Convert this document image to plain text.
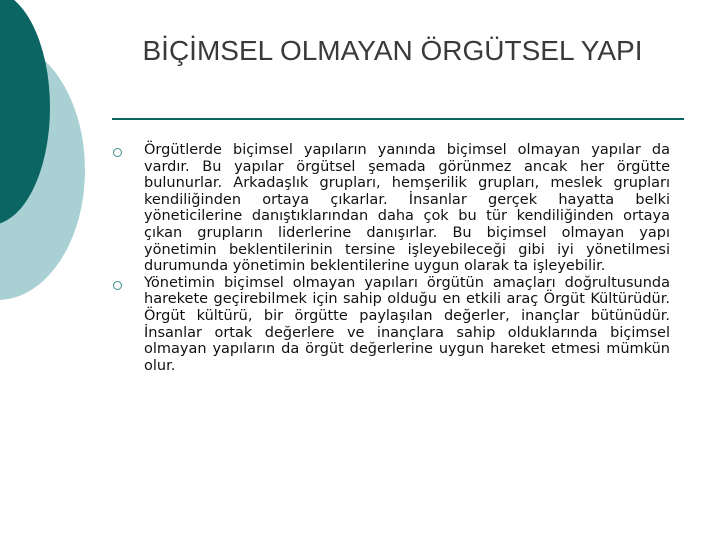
BİÇİMSEL OLMAYAN ÖRGÜTSEL YAPI
Örgütlerde biçimsel yapıların yanında biçimsel olmayan yapılar da vardır. Bu yapılar örgütsel şemada görünmez ancak her örgütte bulunurlar. Arkadaşlık grupları, hemşerilik grupları, meslek grupları kendiliğinden ortaya çıkarlar. İnsanlar gerçek hayatta belki yöneticilerine danıştıklarından daha çok bu tür kendiliğinden ortaya çıkan grupların liderlerine danışırlar. Bu biçimsel olmayan yapı yönetimin beklentilerinin tersine işleyebileceği gibi iyi yönetilmesi durumunda yönetimin beklentilerine uygun olarak ta işleyebilir.
Yönetimin biçimsel olmayan yapıları örgütün amaçları doğrultusunda harekete geçirebilmek için sahip olduğu en etkili araç Örgüt Kültürüdür. Örgüt kültürü, bir örgütte paylaşılan değerler, inançlar bütünüdür. İnsanlar ortak değerlere ve inançlara sahip olduklarında biçimsel olmayan yapıların da örgüt değerlerine uygun hareket etmesi mümkün olur.
